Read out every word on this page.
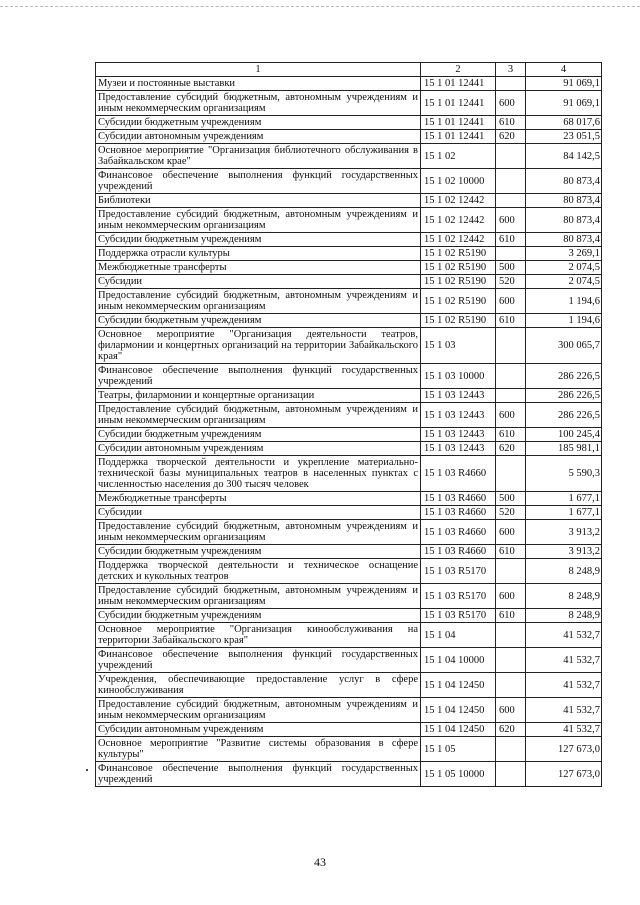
1	2	3	4
Музеи и постоянные выставки	15 1 01 12441		91 069,1
Предоставление субсидий бюджетным, автономным учреждениям и иным некоммерческим организациям	15 1 01 12441	600	91 069,1
Субсидии бюджетным учреждениям	15 1 01 12441	610	68 017,6
Субсидии автономным учреждениям	15 1 01 12441	620	23 051,5
Основное мероприятие "Организация библиотечного обслуживания в Забайкальском крае"	15 1 02		84 142,5
Финансовое обеспечение выполнения функций государственных учреждений	15 1 02 10000		80 873,4
Библиотеки	15 1 02 12442		80 873,4
Предоставление субсидий бюджетным, автономным учреждениям и иным некоммерческим организациям	15 1 02 12442	600	80 873,4
Субсидии бюджетным учреждениям	15 1 02 12442	610	80 873,4
Поддержка отрасли культуры	15 1 02 R5190		3 269,1
Межбюджетные трансферты	15 1 02 R5190	500	2 074,5
Субсидии	15 1 02 R5190	520	2 074,5
Предоставление субсидий бюджетным, автономным учреждениям и иным некоммерческим организациям	15 1 02 R5190	600	1 194,6
Субсидии бюджетным учреждениям	15 1 02 R5190	610	1 194,6
Основное мероприятие "Организация деятельности театров, филармонии и концертных организаций на территории Забайкальского края"	15 1 03		300 065,7
Финансовое обеспечение выполнения функций государственных учреждений	15 1 03 10000		286 226,5
Театры, филармонии и концертные организации	15 1 03 12443		286 226,5
Предоставление субсидий бюджетным, автономным учреждениям и иным некоммерческим организациям	15 1 03 12443	600	286 226,5
Субсидии бюджетным учреждениям	15 1 03 12443	610	100 245,4
Субсидии автономным учреждениям	15 1 03 12443	620	185 981,1
Поддержка творческой деятельности и укрепление материально-технической базы муниципальных театров в населенных пунктах с численностью населения до 300 тысяч человек	15 1 03 R4660		5 590,3
Межбюджетные трансферты	15 1 03 R4660	500	1 677,1
Субсидии	15 1 03 R4660	520	1 677,1
Предоставление субсидий бюджетным, автономным учреждениям и иным некоммерческим организациям	15 1 03 R4660	600	3 913,2
Субсидии бюджетным учреждениям	15 1 03 R4660	610	3 913,2
Поддержка творческой деятельности и техническое оснащение детских и кукольных театров	15 1 03 R5170		8 248,9
Предоставление субсидий бюджетным, автономным учреждениям и иным некоммерческим организациям	15 1 03 R5170	600	8 248,9
Субсидии бюджетным учреждениям	15 1 03 R5170	610	8 248,9
Основное мероприятие "Организация кинообслуживания на территории Забайкальского края"	15 1 04		41 532,7
Финансовое обеспечение выполнения функций государственных учреждений	15 1 04 10000		41 532,7
Учреждения, обеспечивающие предоставление услуг в сфере кинообслуживания	15 1 04 12450		41 532,7
Предоставление субсидий бюджетным, автономным учреждениям и иным некоммерческим организациям	15 1 04 12450	600	41 532,7
Субсидии автономным учреждениям	15 1 04 12450	620	41 532,7
Основное мероприятие "Развитие системы образования в сфере культуры"	15 1 05		127 673,0
Финансовое обеспечение выполнения функций государственных учреждений	15 1 05 10000		127 673,0
43
